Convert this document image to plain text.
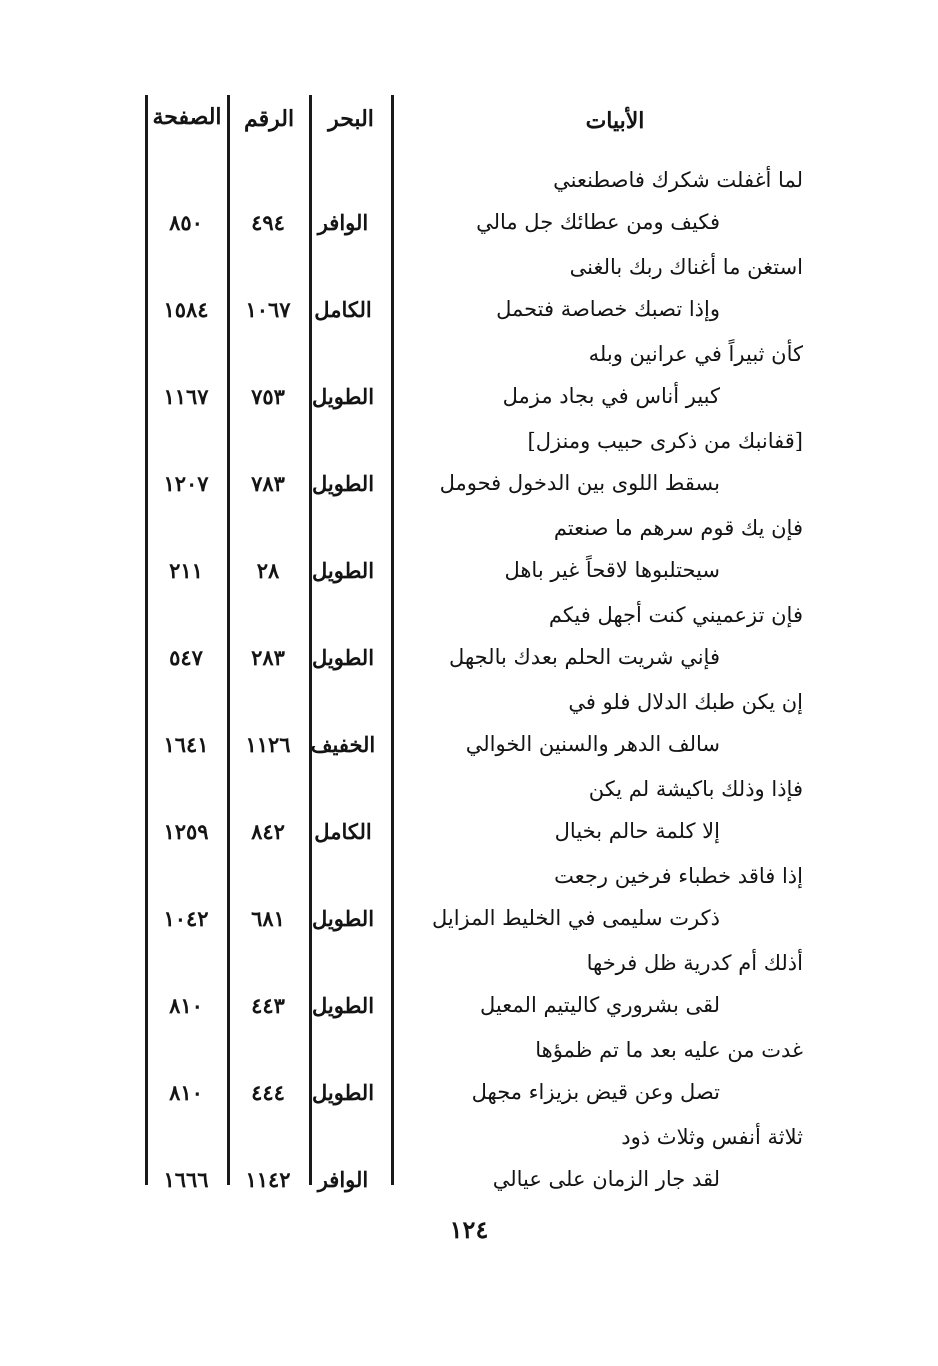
الأبيات
البحر
الرقم
الصفحة
لما أغفلت شكرك فاصطنعني
فكيف ومن عطائك جل مالي
الوافر
٤٩٤
٨٥٠
استغن ما أغناك ربك بالغنى
وإذا تصبك خصاصة فتحمل
الكامل
١٠٦٧
١٥٨٤
كأن ثبيراً في عرانين وبله
كبير أناس في بجاد مزمل
الطويل
٧٥٣
١١٦٧
[قفانبك من ذكرى حبيب ومنزل]
بسقط اللوى بين الدخول فحومل
الطويل
٧٨٣
١٢٠٧
فإن يك قوم سرهم ما صنعتم
سيحتلبوها لاقحاً غير باهل
الطويل
٢٨
٢١١
فإن تزعميني كنت أجهل فيكم
فإني شريت الحلم بعدك بالجهل
الطويل
٢٨٣
٥٤٧
إن يكن طبك الدلال فلو في
سالف الدهر والسنين الخوالي
الخفيف
١١٢٦
١٦٤١
فإذا وذلك باكيشة لم يكن
إلا كلمة حالم بخيال
الكامل
٨٤٢
١٢٥٩
إذا فاقد خطباء فرخين رجعت
ذكرت سليمى في الخليط المزايل
الطويل
٦٨١
١٠٤٢
أذلك أم كدرية ظل فرخها
لقى بشروري كاليتيم المعيل
الطويل
٤٤٣
٨١٠
غدت من عليه بعد ما تم ظمؤها
تصل وعن قيض بزيزاء مجهل
الطويل
٤٤٤
٨١٠
ثلاثة أنفس وثلاث ذود
لقد جار الزمان على عيالي
الوافر
١١٤٢
١٦٦٦
١٢٤
